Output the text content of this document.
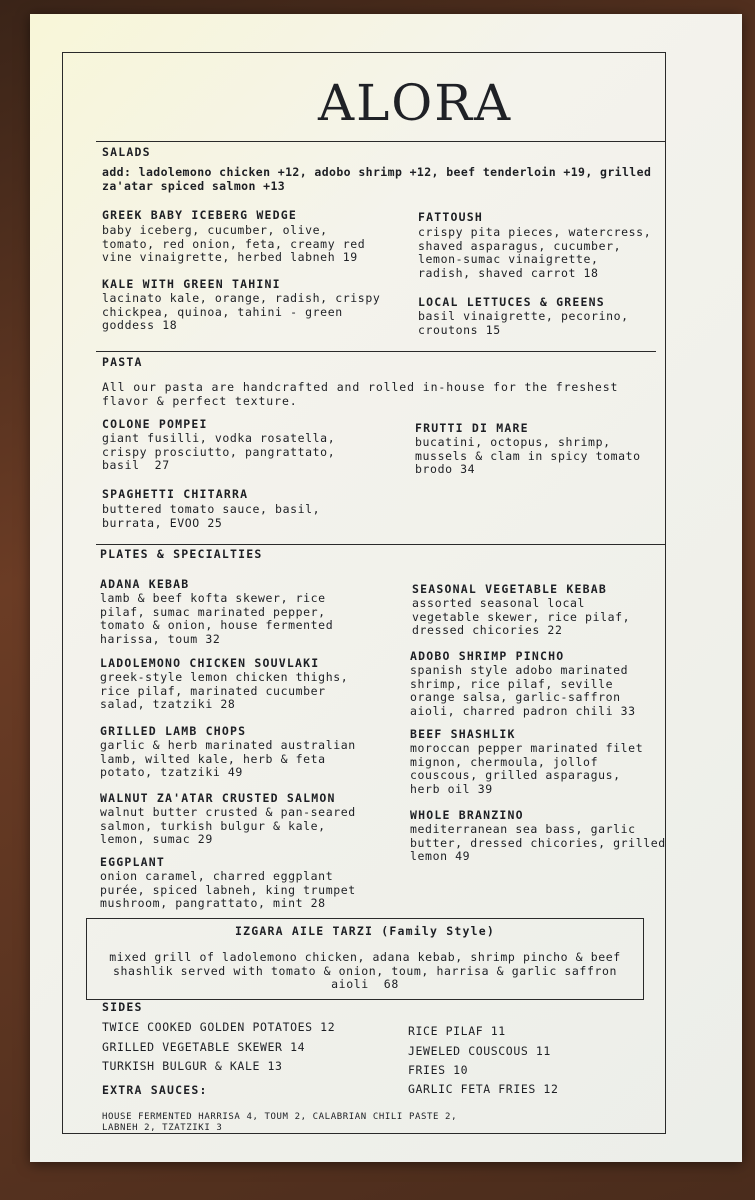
ALORA
SALADS
add: ladolemono chicken +12, adobo shrimp +12, beef tenderloin +19, grilled
za'atar spiced salmon +13
GREEK BABY ICEBERG WEDGE
baby iceberg, cucumber, olive,
tomato, red onion, feta, creamy red
vine vinaigrette, herbed labneh 19
KALE WITH GREEN TAHINI
lacinato kale, orange, radish, crispy
chickpea, quinoa, tahini - green
goddess 18
FATTOUSH
crispy pita pieces, watercress,
shaved asparagus, cucumber,
lemon-sumac vinaigrette,
radish, shaved carrot 18
LOCAL LETTUCES & GREENS
basil vinaigrette, pecorino,
croutons 15
PASTA
All our pasta are handcrafted and rolled in-house for the freshest
flavor & perfect texture.
COLONE POMPEI
giant fusilli, vodka rosatella,
crispy prosciutto, pangrattato,
basil  27
SPAGHETTI CHITARRA
buttered tomato sauce, basil,
burrata, EVOO 25
FRUTTI DI MARE
bucatini, octopus, shrimp,
mussels & clam in spicy tomato
brodo 34
PLATES & SPECIALTIES
ADANA KEBAB
lamb & beef kofta skewer, rice
pilaf, sumac marinated pepper,
tomato & onion, house fermented
harissa, toum 32
LADOLEMONO CHICKEN SOUVLAKI
greek-style lemon chicken thighs,
rice pilaf, marinated cucumber
salad, tzatziki 28
GRILLED LAMB CHOPS
garlic & herb marinated australian
lamb, wilted kale, herb & feta
potato, tzatziki 49
WALNUT ZA'ATAR CRUSTED SALMON
walnut butter crusted & pan-seared
salmon, turkish bulgur & kale,
lemon, sumac 29
EGGPLANT
onion caramel, charred eggplant
purée, spiced labneh, king trumpet
mushroom, pangrattato, mint 28
SEASONAL VEGETABLE KEBAB
assorted seasonal local
vegetable skewer, rice pilaf,
dressed chicories 22
ADOBO SHRIMP PINCHO
spanish style adobo marinated
shrimp, rice pilaf, seville
orange salsa, garlic-saffron
aioli, charred padron chili 33
BEEF SHASHLIK
moroccan pepper marinated filet
mignon, chermoula, jollof
couscous, grilled asparagus,
herb oil 39
WHOLE BRANZINO
mediterranean sea bass, garlic
butter, dressed chicories, grilled
lemon 49
IZGARA AILE TARZI (Family Style)
mixed grill of ladolemono chicken, adana kebab, shrimp pincho & beef
shashlik served with tomato & onion, toum, harrisa & garlic saffron
aioli  68
SIDES
TWICE COOKED GOLDEN POTATOES 12
GRILLED VEGETABLE SKEWER 14
TURKISH BULGUR & KALE 13
RICE PILAF 11
JEWELED COUSCOUS 11
FRIES 10
GARLIC FETA FRIES 12
EXTRA SAUCES:
HOUSE FERMENTED HARRISA 4, TOUM 2, CALABRIAN CHILI PASTE 2,
LABNEH 2, TZATZIKI 3
